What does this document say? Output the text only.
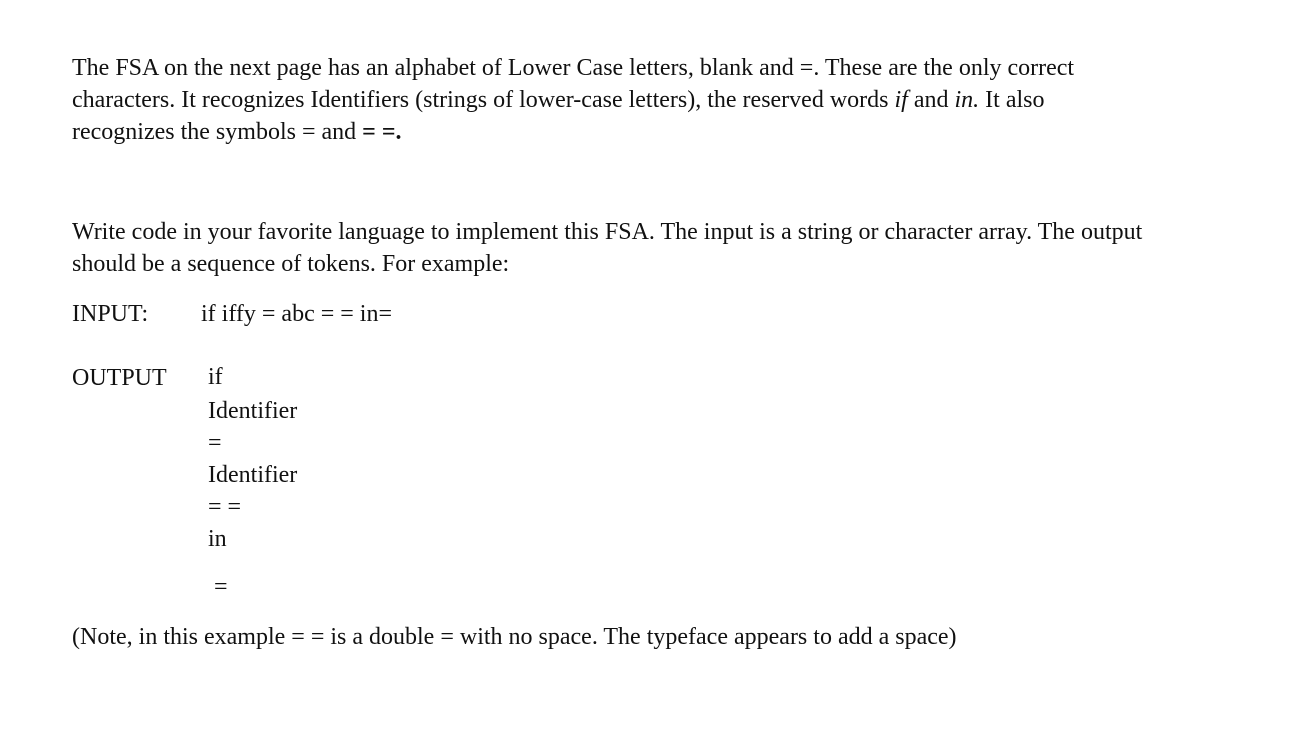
The FSA on the next page has an alphabet of Lower Case letters, blank and =. These are the only correct
characters. It recognizes Identifiers (strings of lower-case letters), the reserved words if and in. It also
recognizes the symbols = and = =.
Write code in your favorite language to implement this FSA. The input is a string or character array. The output
should be a sequence of tokens. For example:
INPUT: if iffy = abc = = in=
OUTPUT if
Identifier
=
Identifier
= =
in
=
(Note, in this example = = is a double = with no space. The typeface appears to add a space)
